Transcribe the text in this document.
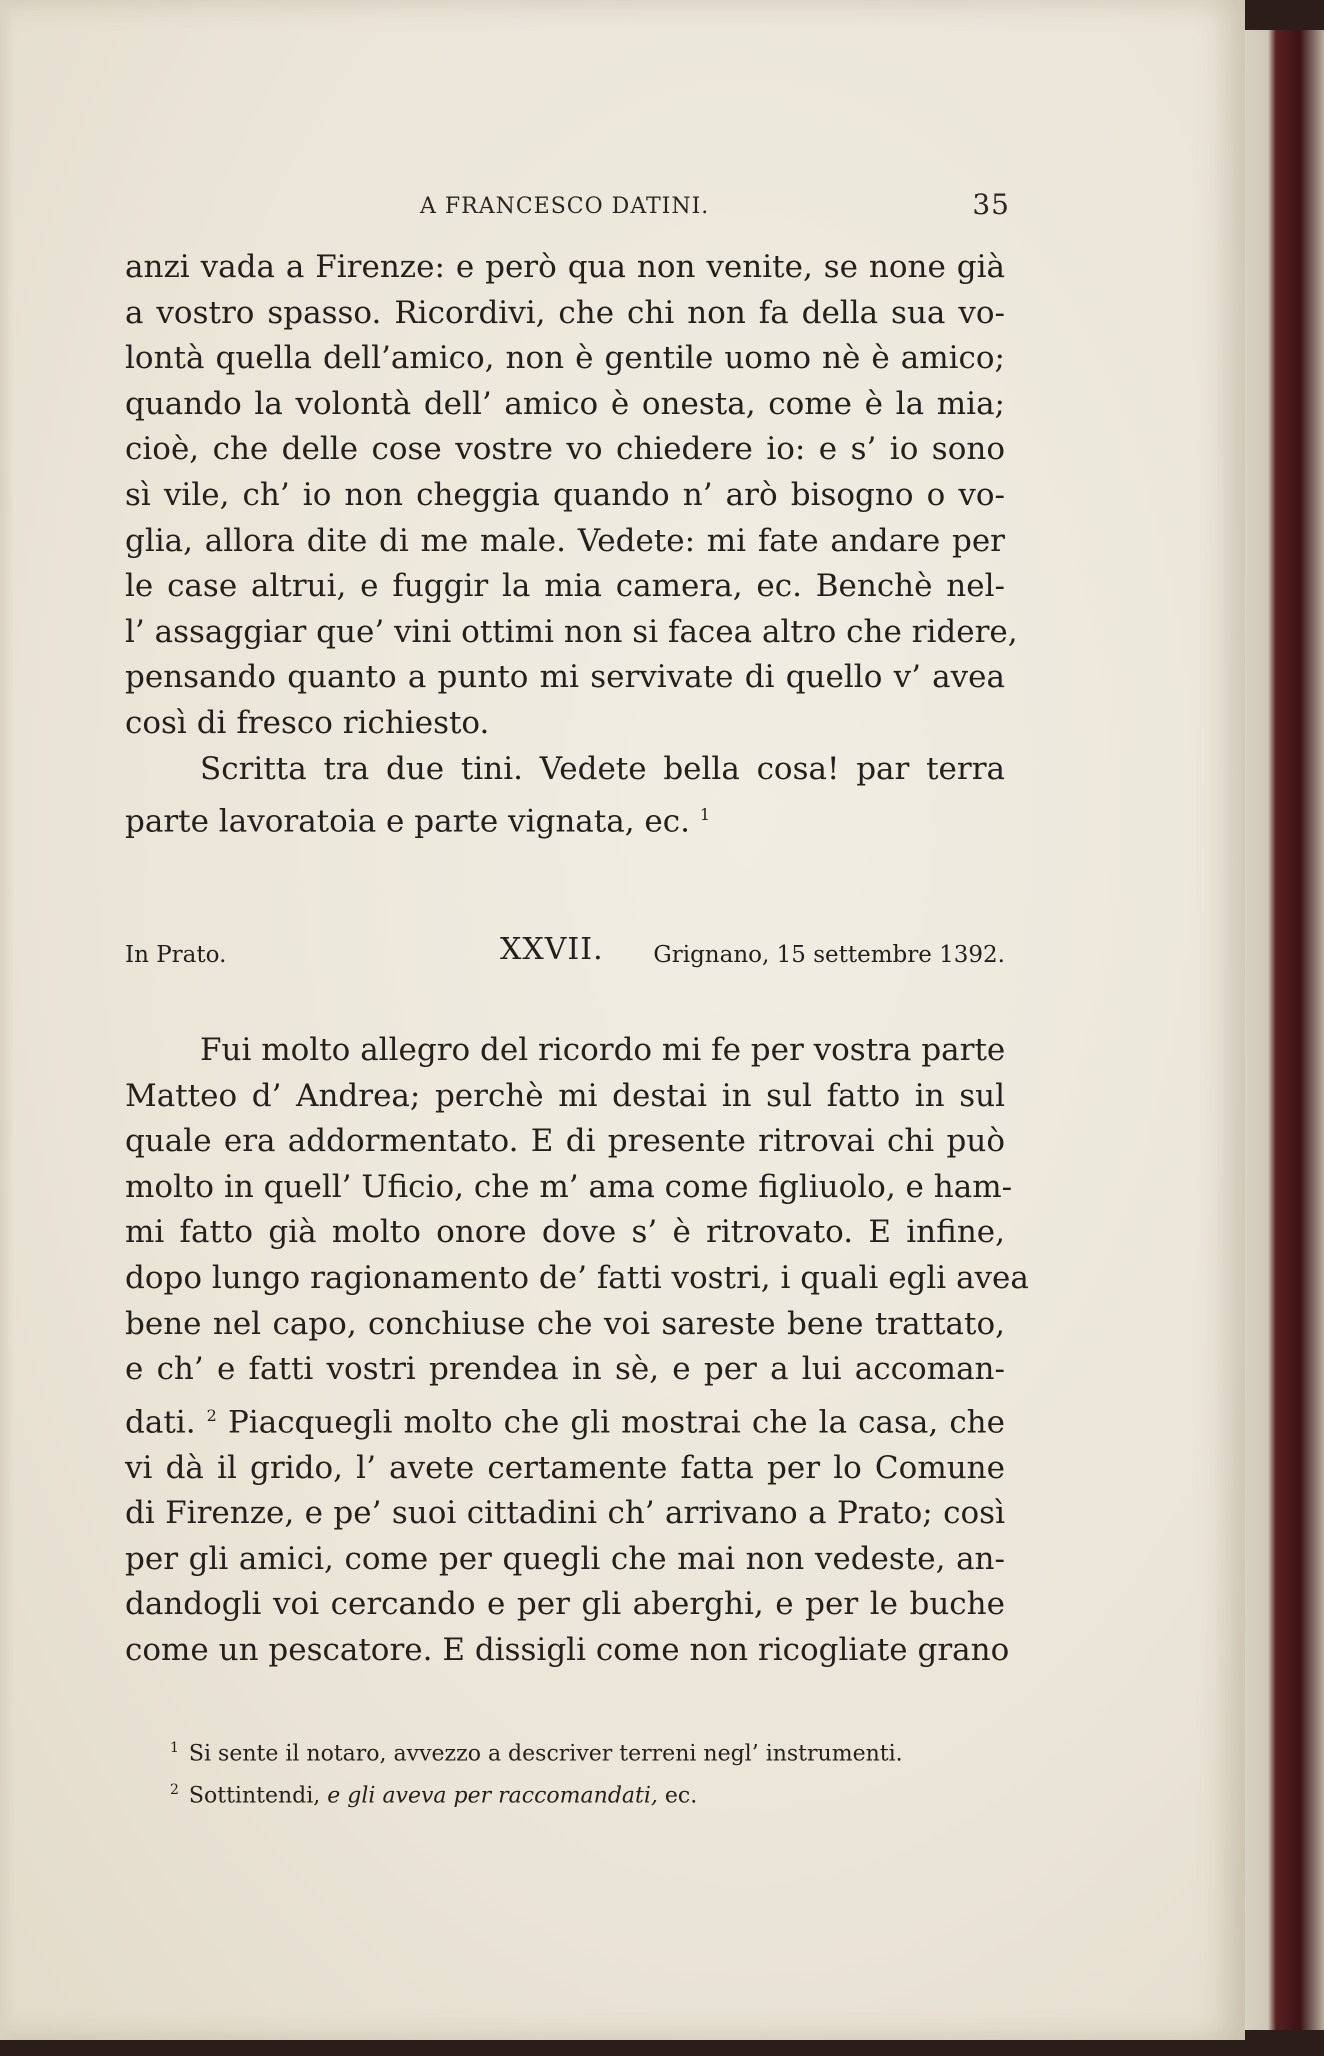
A FRANCESCO DATINI.	35
anzi vada a Firenze: e però qua non venite, se none già
a vostro spasso. Ricordivi, che chi non fa della sua vo-
lontà quella dell’amico, non è gentile uomo nè è amico;
quando la volontà dell’ amico è onesta, come è la mia;
cioè, che delle cose vostre vo chiedere io: e s’ io sono
sì vile, ch’ io non cheggia quando n’ arò bisogno o vo-
glia, allora dite di me male. Vedete: mi fate andare per
le case altrui, e fuggir la mia camera, ec. Benchè nel-
l’ assaggiar que’ vini ottimi non si facea altro che ridere,
pensando quanto a punto mi servivate di quello v’ avea
così di fresco richiesto.
Scritta tra due tini. Vedete bella cosa! par terra
parte lavoratoia e parte vignata, ec. $^1$
In Prato.	XXVII. Grignano, 15 settembre 1392.
Fui molto allegro del ricordo mi fe per vostra parte
Matteo d’ Andrea; perchè mi destai in sul fatto in sul
quale era addormentato. E di presente ritrovai chi può
molto in quell’ Uficio, che m’ ama come figliuolo, e ham-
mi fatto già molto onore dove s’ è ritrovato. E infine,
dopo lungo ragionamento de’ fatti vostri, i quali egli avea
bene nel capo, conchiuse che voi sareste bene trattato,
e ch’ e fatti vostri prendea in sè, e per a lui accoman-
dati. $^2$ Piacquegli molto che gli mostrai che la casa, che
vi dà il grido, l’ avete certamente fatta per lo Comune
di Firenze, e pe’ suoi cittadini ch’ arrivano a Prato; così
per gli amici, come per quegli che mai non vedeste, an-
dandogli voi cercando e per gli aberghi, e per le buche
come un pescatore. E dissigli come non ricogliate grano
$^1$ Si sente il notaro, avvezzo a descriver terreni negl’ instrumenti.
$^2$ Sottintendi, e gli aveva per raccomandati, ec.
